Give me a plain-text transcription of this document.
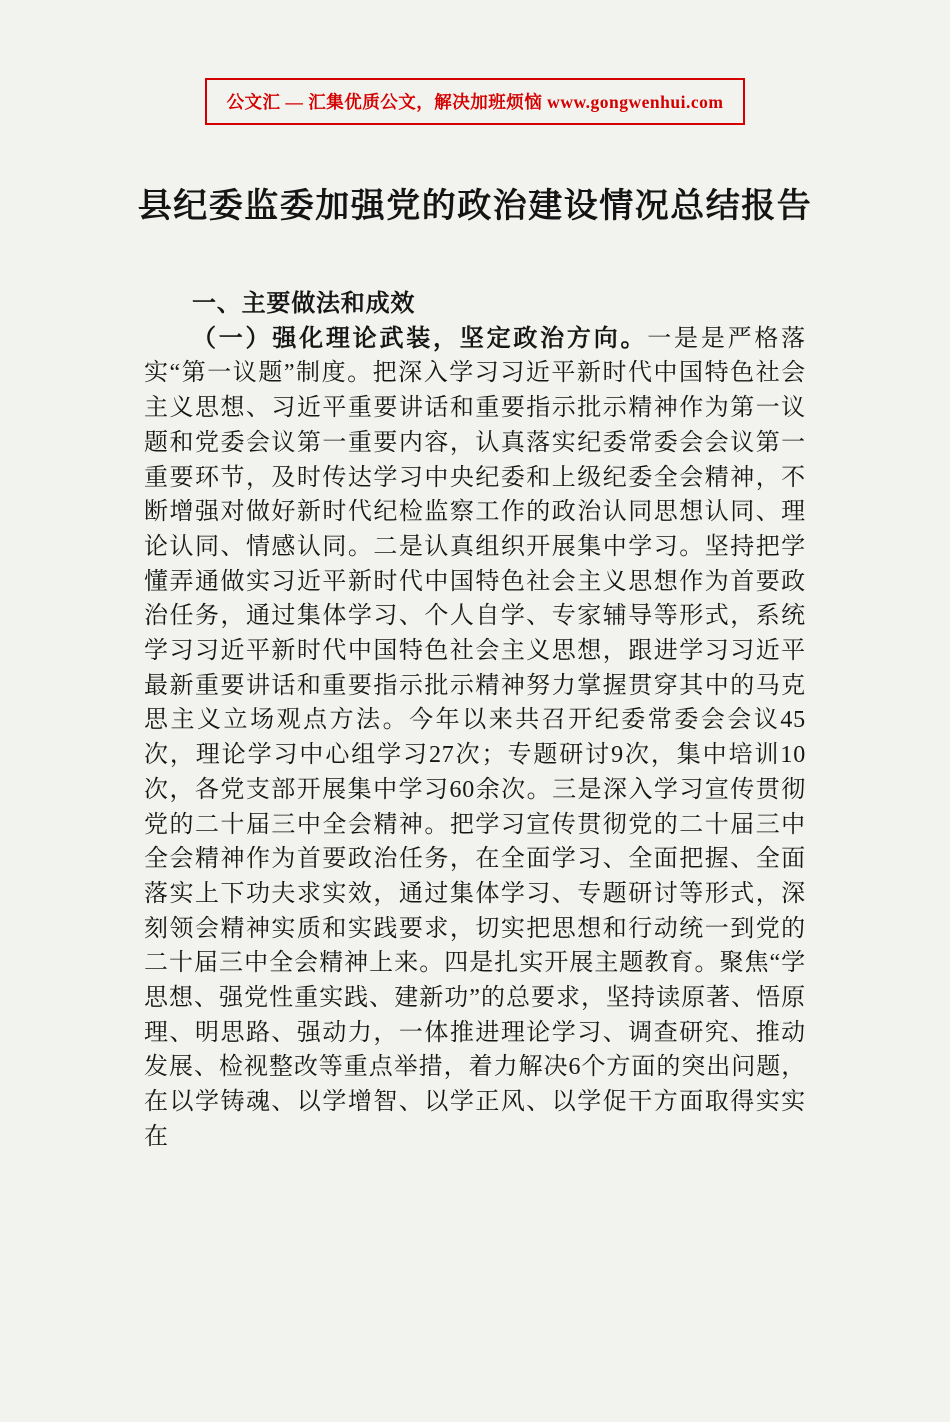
公文汇 — 汇集优质公文，解决加班烦恼 www.gongwenhui.com
县纪委监委加强党的政治建设情况总结报告

一、主要做法和成效

（一）强化理论武装，坚定政治方向。一是是严格落实“第一议题”制度。把深入学习习近平新时代中国特色社会主义思想、习近平重要讲话和重要指示批示精神作为第一议题和党委会议第一重要内容，认真落实纪委常委会会议第一重要环节，及时传达学习中央纪委和上级纪委全会精神，不断增强对做好新时代纪检监察工作的政治认同思想认同、理论认同、情感认同。二是认真组织开展集中学习。坚持把学懂弄通做实习近平新时代中国特色社会主义思想作为首要政治任务，通过集体学习、个人自学、专家辅导等形式，系统学习习近平新时代中国特色社会主义思想，跟进学习习近平最新重要讲话和重要指示批示精神努力掌握贯穿其中的马克思主义立场观点方法。今年以来共召开纪委常委会会议45次，理论学习中心组学习27次；专题研讨9次，集中培训10次，各党支部开展集中学习60余次。三是深入学习宣传贯彻党的二十届三中全会精神。把学习宣传贯彻党的二十届三中全会精神作为首要政治任务，在全面学习、全面把握、全面落实上下功夫求实效，通过集体学习、专题研讨等形式，深刻领会精神实质和实践要求，切实把思想和行动统一到党的二十届三中全会精神上来。四是扎实开展主题教育。聚焦“学思想、强党性重实践、建新功”的总要求，坚持读原著、悟原理、明思路、强动力，一体推进理论学习、调查研究、推动发展、检视整改等重点举措，着力解决6个方面的突出问题，在以学铸魂、以学增智、以学正风、以学促干方面取得实实在
